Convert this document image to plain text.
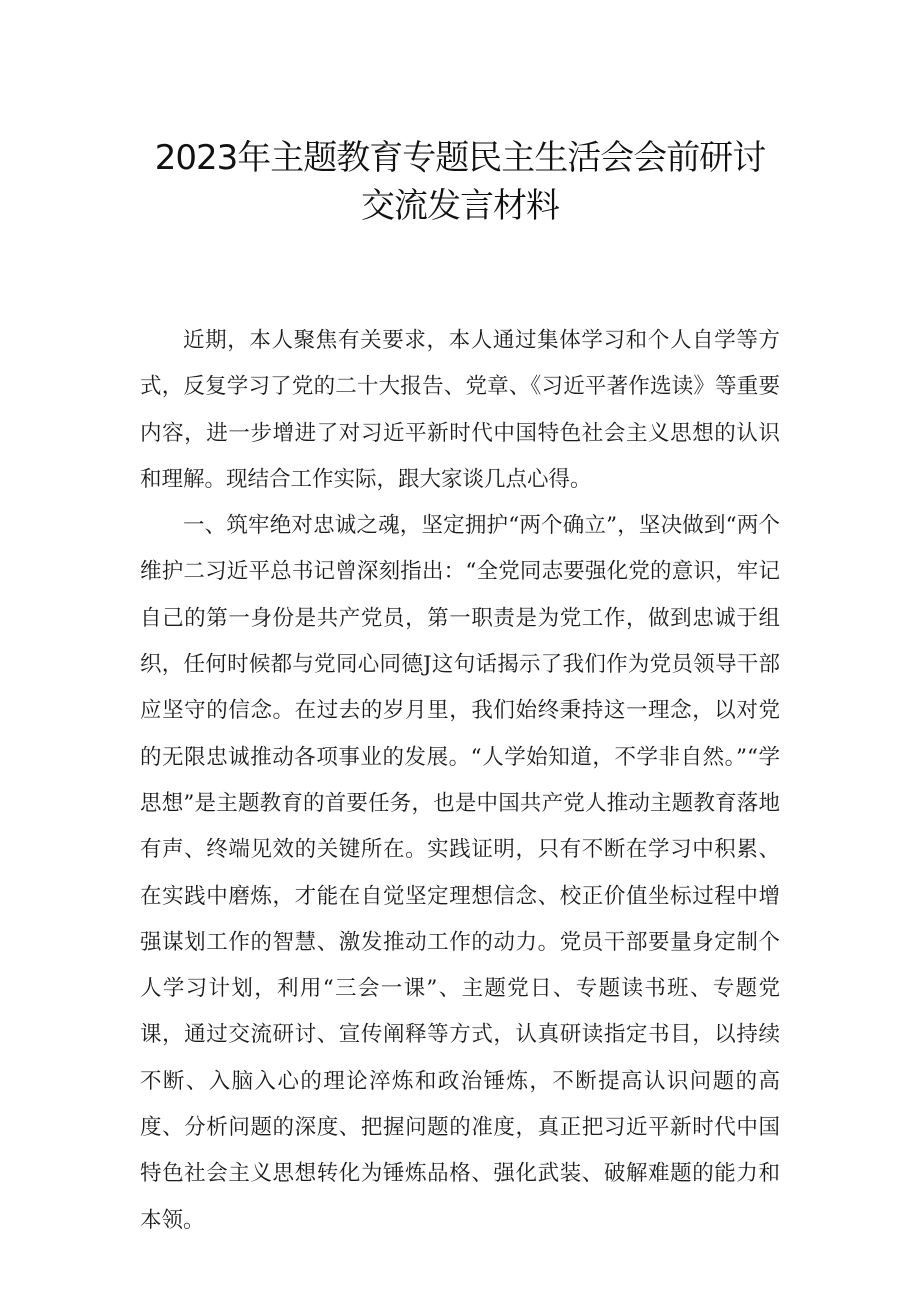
2023年主题教育专题民主生活会会前研讨
交流发言材料

近期，本人聚焦有关要求，本人通过集体学习和个人自学等方式，反复学习了党的二十大报告、党章、《习近平著作选读》等重要内容，进一步增进了对习近平新时代中国特色社会主义思想的认识和理解。现结合工作实际，跟大家谈几点心得。

一、筑牢绝对忠诚之魂，坚定拥护“两个确立”，坚决做到“两个维护二习近平总书记曾深刻指出：“全党同志要强化党的意识，牢记自己的第一身份是共产党员，第一职责是为党工作，做到忠诚于组织，任何时候都与党同心同德J这句话揭示了我们作为党员领导干部应坚守的信念。在过去的岁月里，我们始终秉持这一理念，以对党的无限忠诚推动各项事业的发展。“人学始知道，不学非自然。”“学思想”是主题教育的首要任务，也是中国共产党人推动主题教育落地有声、终端见效的关键所在。实践证明，只有不断在学习中积累、在实践中磨炼，才能在自觉坚定理想信念、校正价值坐标过程中增强谋划工作的智慧、激发推动工作的动力。党员干部要量身定制个人学习计划，利用“三会一课”、主题党日、专题读书班、专题党课，通过交流研讨、宣传阐释等方式，认真研读指定书目，以持续不断、入脑入心的理论淬炼和政治锤炼，不断提高认识问题的高度、分析问题的深度、把握问题的准度，真正把习近平新时代中国特色社会主义思想转化为锤炼品格、强化武装、破解难题的能力和本领。
